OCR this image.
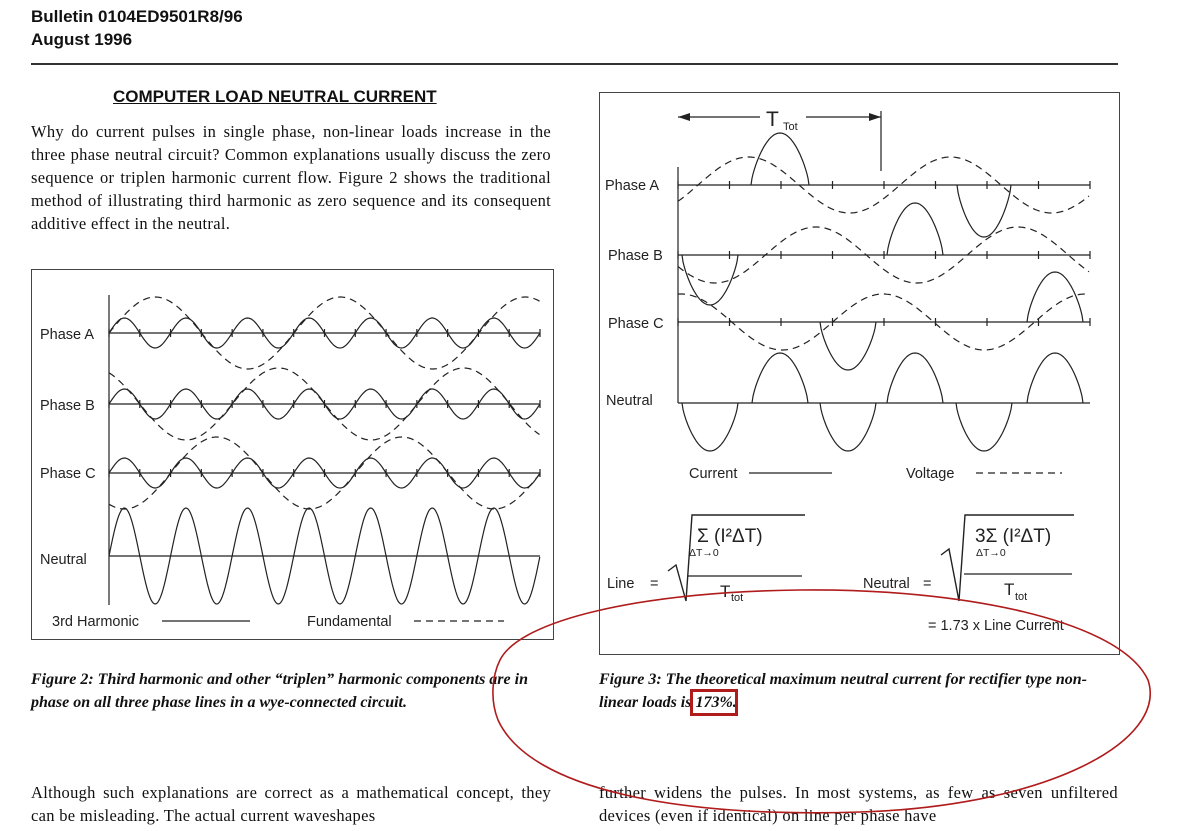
Bulletin 0104ED9501R8/96
August 1996
COMPUTER LOAD NEUTRAL CURRENT
Why do current pulses in single phase, non-linear loads increase in the three phase neutral circuit? Common explanations usually discuss the zero sequence or triplen harmonic current flow. Figure 2 shows the traditional method of illustrating third harmonic as zero sequence and its consequent additive effect in the neutral.
Phase A
Phase B
Phase C
Neutral
3rd Harmonic	Fundamental
Figure 2: Third harmonic and other “triplen” harmonic components are in phase on all three phase lines in a wye-connected circuit.
T Tot
Phase A
Phase B
Phase C
Neutral
Current	Voltage
Line =
Σ (I²ΔT)
ΔT→0
T tot
Neutral =
3Σ (I²ΔT)
ΔT→0
T tot
= 1.73 x Line Current
Figure 3: The theoretical maximum neutral current for rectifier type non-linear loads is 173%.
Although such explanations are correct as a mathematical concept, they can be misleading. The actual current waveshapes
further widens the pulses. In most systems, as few as seven unfiltered devices (even if identical) on line per phase have
